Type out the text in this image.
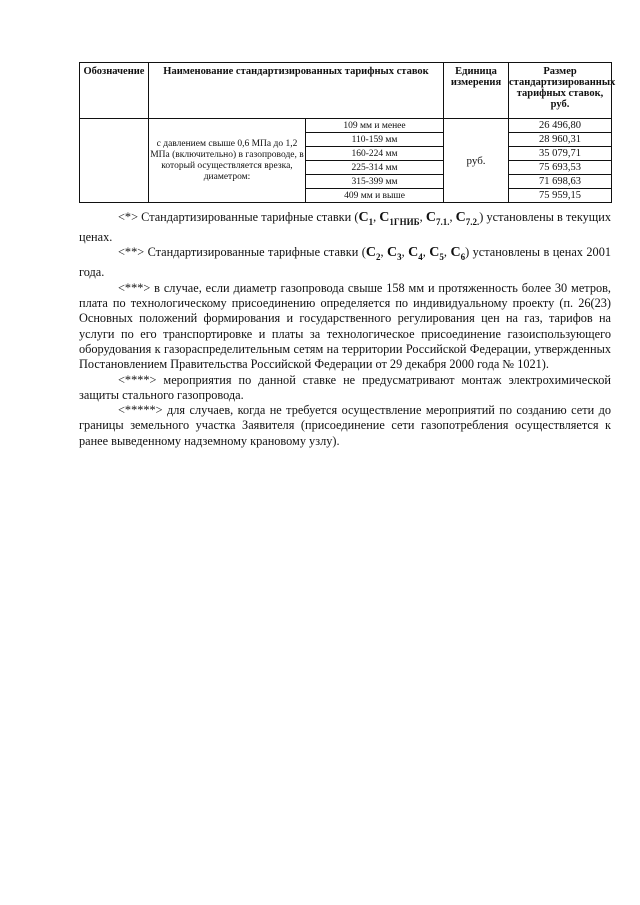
Обозначение	Наименование стандартизированных тарифных ставок		Единица измерения	Размер стандартизированных тарифных ставок, руб.
	с давлением свыше 0,6 МПа до 1,2 МПа (включительно) в газопроводе, в который осуществляется врезка, диаметром:	109 мм и менее	руб.	26 496,80
		110-159 мм		28 960,31
		160-224 мм		35 079,71
		225-314 мм		75 693,53
		315-399 мм		71 698,63
		409 мм и выше		75 959,15

<*> Стандартизированные тарифные ставки ($C_1$, $C_{1ГНИБ}$, $C_{7.1.}$, $C_{7.2.}$) установлены в текущих ценах.

<**> Стандартизированные тарифные ставки ($C_2$, $C_3$, $C_4$, $C_5$, $C_6$) установлены в ценах 2001 года.

<***> в случае, если диаметр газопровода свыше 158 мм и протяженность более 30 метров, плата по технологическому присоединению определяется по индивидуальному проекту (п. 26(23) Основных положений формирования и государственного регулирования цен на газ, тарифов на услуги по его транспортировке и платы за технологическое присоединение газоиспользующего оборудования к газораспределительным сетям на территории Российской Федерации, утвержденных Постановлением Правительства Российской Федерации от 29 декабря 2000 года № 1021).

<****> мероприятия по данной ставке не предусматривают монтаж электрохимической защиты стального газопровода.

<*****> для случаев, когда не требуется осуществление мероприятий по созданию сети до границы земельного участка Заявителя (присоединение сети газопотребления осуществляется к ранее выведенному надземному крановому узлу).
